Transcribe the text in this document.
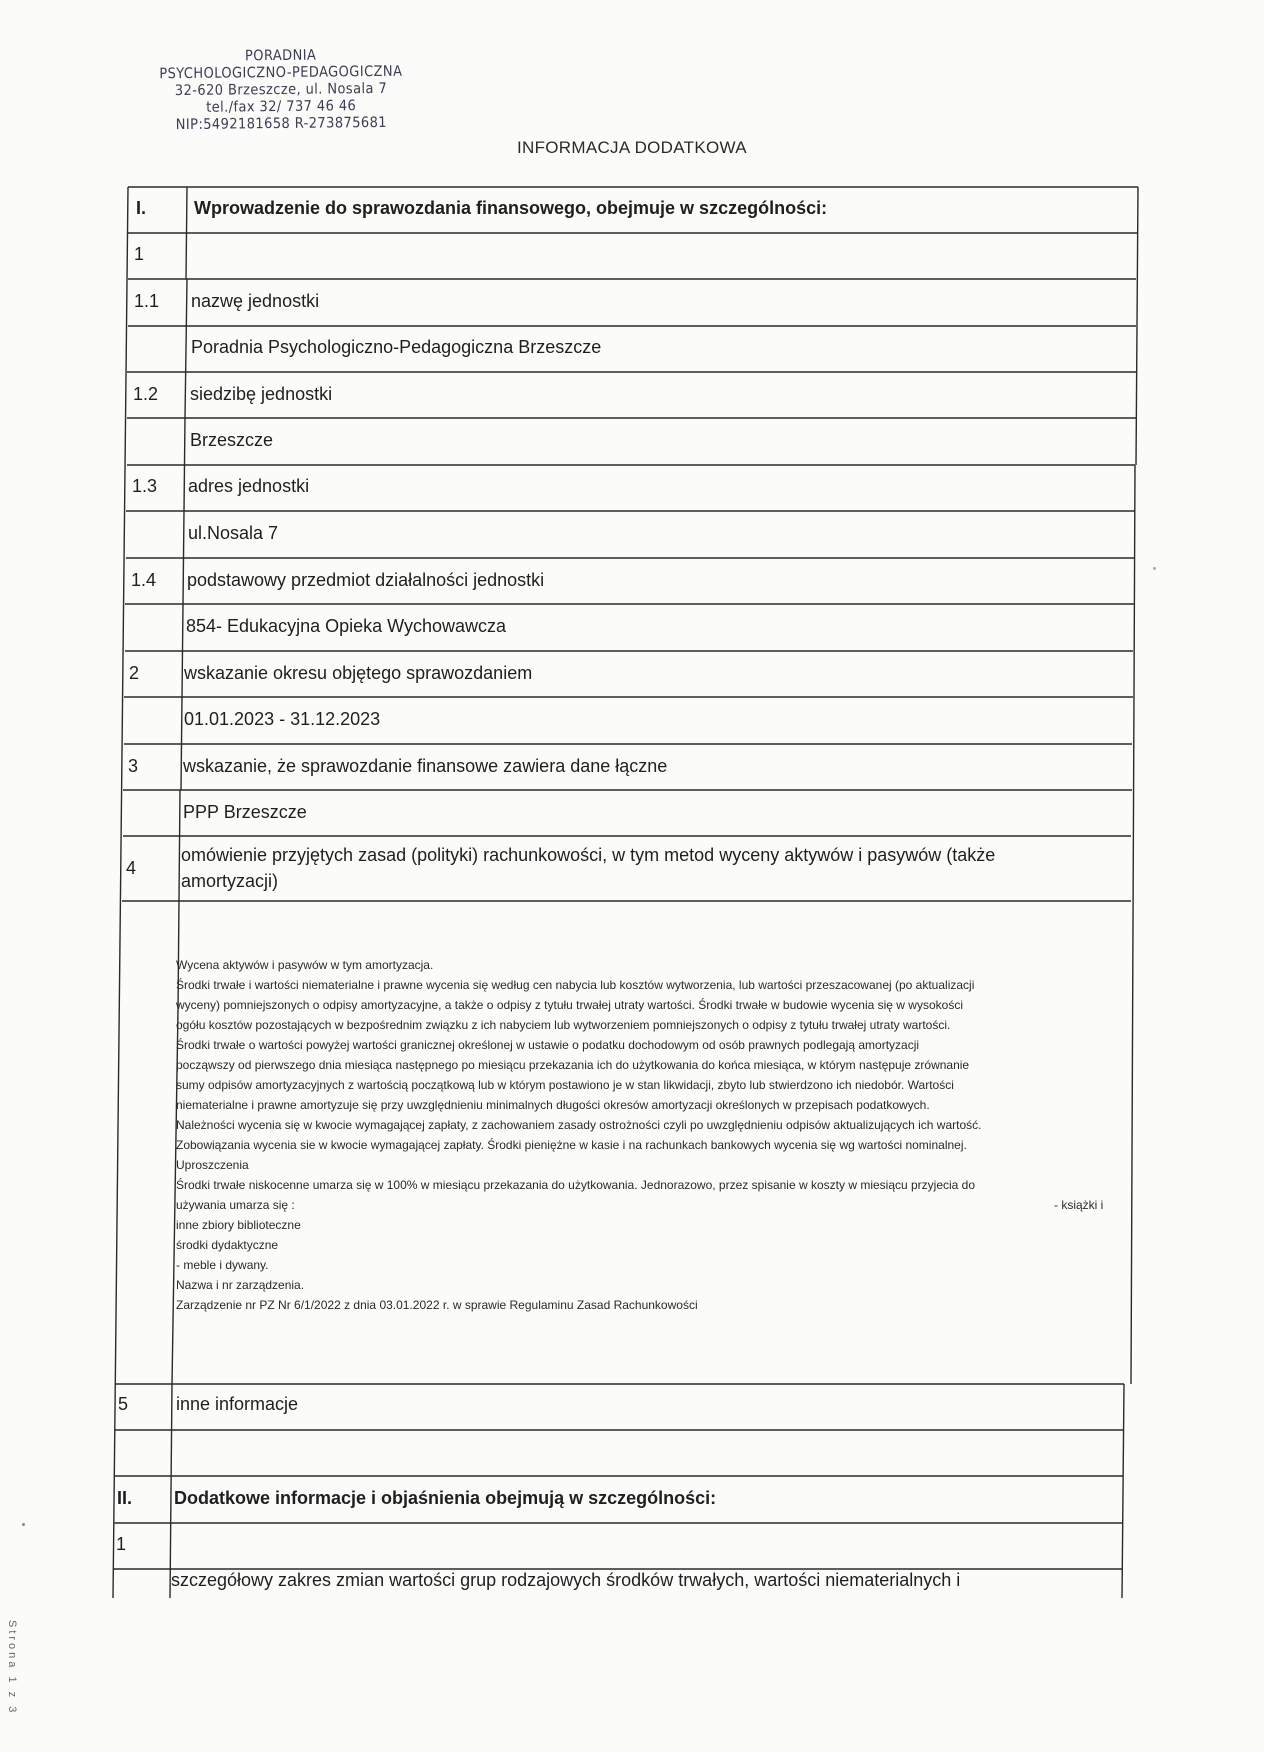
PORADNIA
PSYCHOLOGICZNO-PEDAGOGICZNA
32-620 Brzeszcze, ul. Nosala 7
tel./fax 32/ 737 46 46
NIP:5492181658 R-273875681
INFORMACJA DODATKOWA
I.	Wprowadzenie do sprawozdania finansowego, obejmuje w szczególności:
1
1.1 nazwę jednostki
Poradnia Psychologiczno-Pedagogiczna Brzeszcze
1.2 siedzibę jednostki
Brzeszcze
1.3 adres jednostki
ul.Nosala 7
1.4 podstawowy przedmiot działalności jednostki
854- Edukacyjna Opieka Wychowawcza
2 wskazanie okresu objętego sprawozdaniem
01.01.2023 - 31.12.2023
3 wskazanie, że sprawozdanie finansowe zawiera dane łączne
PPP Brzeszcze
4
omówienie przyjętych zasad (polityki) rachunkowości, w tym metod wyceny aktywów i pasywów (także
amortyzacji)
Wycena aktywów i pasywów w tym amortyzacja.
Środki trwałe i wartości niematerialne i prawne wycenia się według cen nabycia lub kosztów wytworzenia, lub wartości przeszacowanej (po aktualizacji
wyceny) pomniejszonych o odpisy amortyzacyjne, a także o odpisy z tytułu trwałej utraty wartości. Środki trwałe w budowie wycenia się w wysokości
ogółu kosztów pozostających w bezpośrednim związku z ich nabyciem lub wytworzeniem pomniejszonych o odpisy z tytułu trwałej utraty wartości.
Środki trwałe o wartości powyżej wartości granicznej określonej w ustawie o podatku dochodowym od osób prawnych podlegają amortyzacji
począwszy od pierwszego dnia miesiąca następnego po miesiącu przekazania ich do użytkowania do końca miesiąca, w którym następuje zrównanie
sumy odpisów amortyzacyjnych z wartością początkową lub w którym postawiono je w stan likwidacji, zbyto lub stwierdzono ich niedobór. Wartości
niematerialne i prawne amortyzuje się przy uwzględnieniu minimalnych długości okresów amortyzacji określonych w przepisach podatkowych.
Należności wycenia się w kwocie wymagającej zapłaty, z zachowaniem zasady ostrożności czyli po uwzględnieniu odpisów aktualizujących ich wartość.
Zobowiązania wycenia sie w kwocie wymagającej zapłaty. Środki pieniężne w kasie i na rachunkach bankowych wycenia się wg wartości nominalnej.
Uproszczenia
Środki trwałe niskocenne umarza się w 100% w miesiącu przekazania do użytkowania. Jednorazowo, przez spisanie w koszty w miesiącu przyjecia do
używania umarza się :	- książki i
inne zbiory biblioteczne
środki dydaktyczne
- meble i dywany.
Nazwa i nr zarządzenia.
Zarządzenie nr PZ Nr 6/1/2022 z dnia 03.01.2022 r. w sprawie Regulaminu Zasad Rachunkowości
5	inne informacje
II. Dodatkowe informacje i objaśnienia obejmują w szczególności:
1
szczegółowy zakres zmian wartości grup rodzajowych środków trwałych, wartości niematerialnych i
Strona 1 z 3
